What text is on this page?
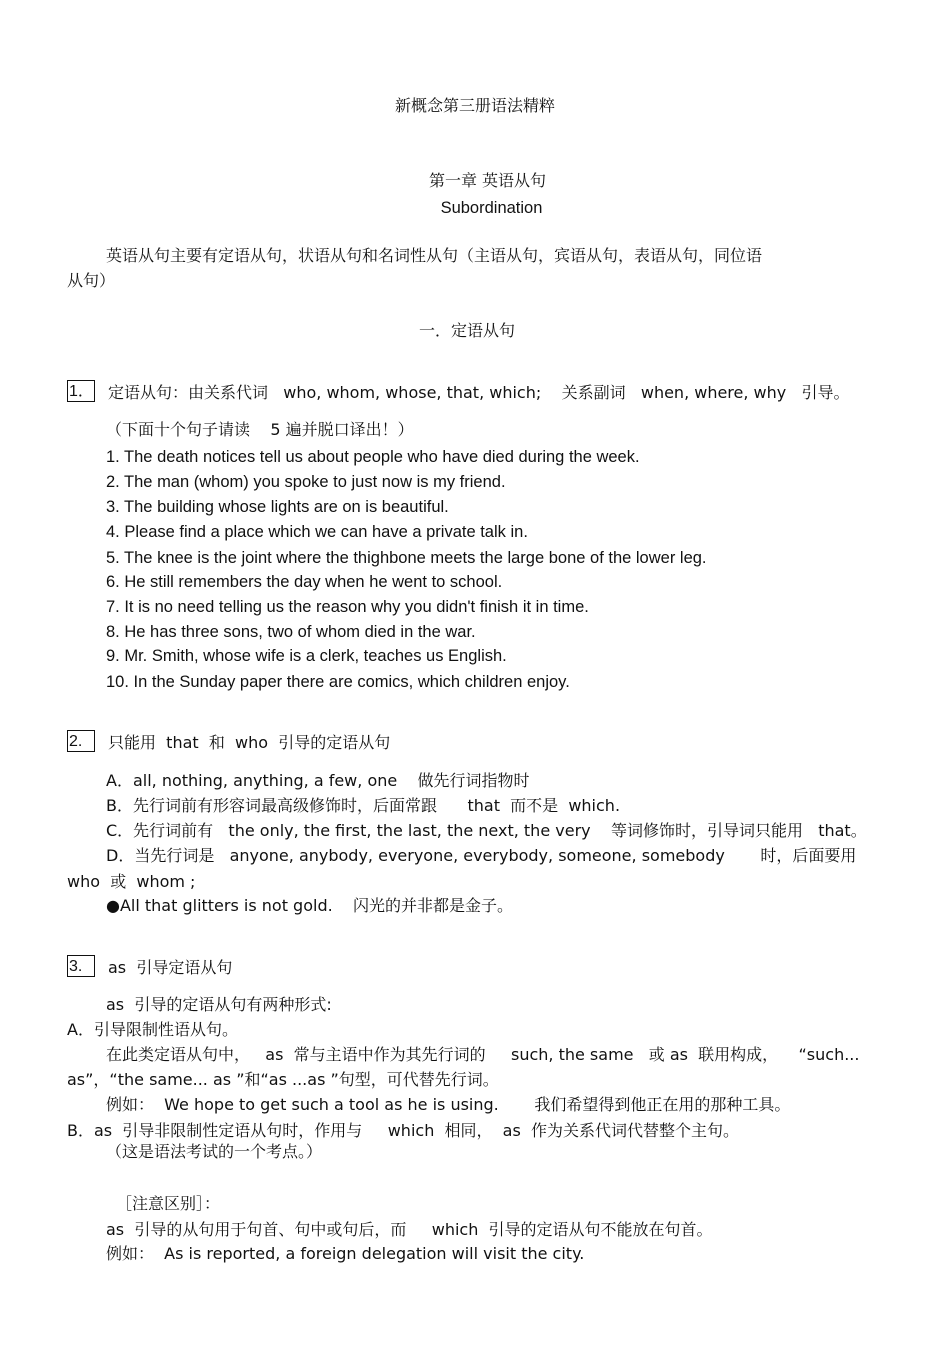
新概念第三册语法精粹
第一章 英语从句
Subordination
英语从句主要有定语从句，状语从句和名词性从句（主语从句，宾语从句，表语从句，同位语
从句）
一．定语从句
1． 定语从句：由关系代词   who, whom, whose, that, which;    关系副词   when, where, why   引导。
（下面十个句子请读    5 遍并脱口译出！）
1. The death notices tell us about people who have died during the week.
2. The man (whom) you spoke to just now is my friend.
3. The building whose lights are on is beautiful.
4. Please find a place which we can have a private talk in.
5. The knee is the joint where the thighbone meets the large bone of the lower leg.
6. He still remembers the day when he went to school.
7. It is no need telling us the reason why you didn't finish it in time.
8. He has three sons, two of whom died in the war.
9. Mr. Smith, whose wife is a clerk, teaches us English.
10. In the Sunday paper there are comics, which children enjoy.
2.	只能用  that  和  who  引导的定语从句
A．all, nothing, anything, a few, one    做先行词指物时
B．先行词前有形容词最高级修饰时，后面常跟      that  而不是  which.
C．先行词前有   the only, the first, the last, the next, the very    等词修饰时，引导词只能用   that。
D．当先行词是   anyone, anybody, everyone, everybody, someone, somebody       时，后面要用
who  或  whom ;
●All that glitters is not gold.    闪光的并非都是金子。
3.	as  引导定语从句
as  引导的定语从句有两种形式:
A．引导限制性语从句。
在此类定语从句中，   as  常与主语中作为其先行词的     such, the same   或 as  联用构成，    “such...
as”，“the same... as ”和“as ...as ”句型，可代替先行词。
例如：  We hope to get such a tool as he is using.       我们希望得到他正在用的那种工具。
B．as  引导非限制性定语从句时，作用与     which  相同，  as  作为关系代词代替整个主句。
（这是语法考试的一个考点。）
［注意区别］：
as  引导的从句用于句首、句中或句后，而     which  引导的定语从句不能放在句首。
例如：  As is reported, a foreign delegation will visit the city.
